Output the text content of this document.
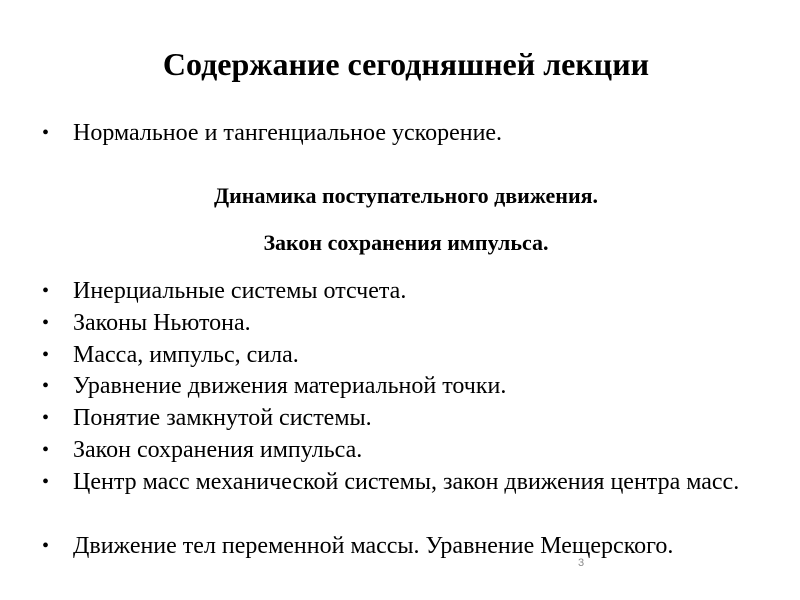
Содержание сегодняшней лекции
• Нормальное и тангенциальное ускорение.
Динамика поступательного движения.
Закон сохранения импульса.
• Инерциальные системы отсчета.
• Законы Ньютона.
• Масса, импульс, сила.
• Уравнение движения материальной точки.
• Понятие замкнутой системы.
• Закон сохранения импульса.
• Центр масс механической системы, закон движения центра масс.
• Движение тел переменной массы. Уравнение Мещерского.
3
